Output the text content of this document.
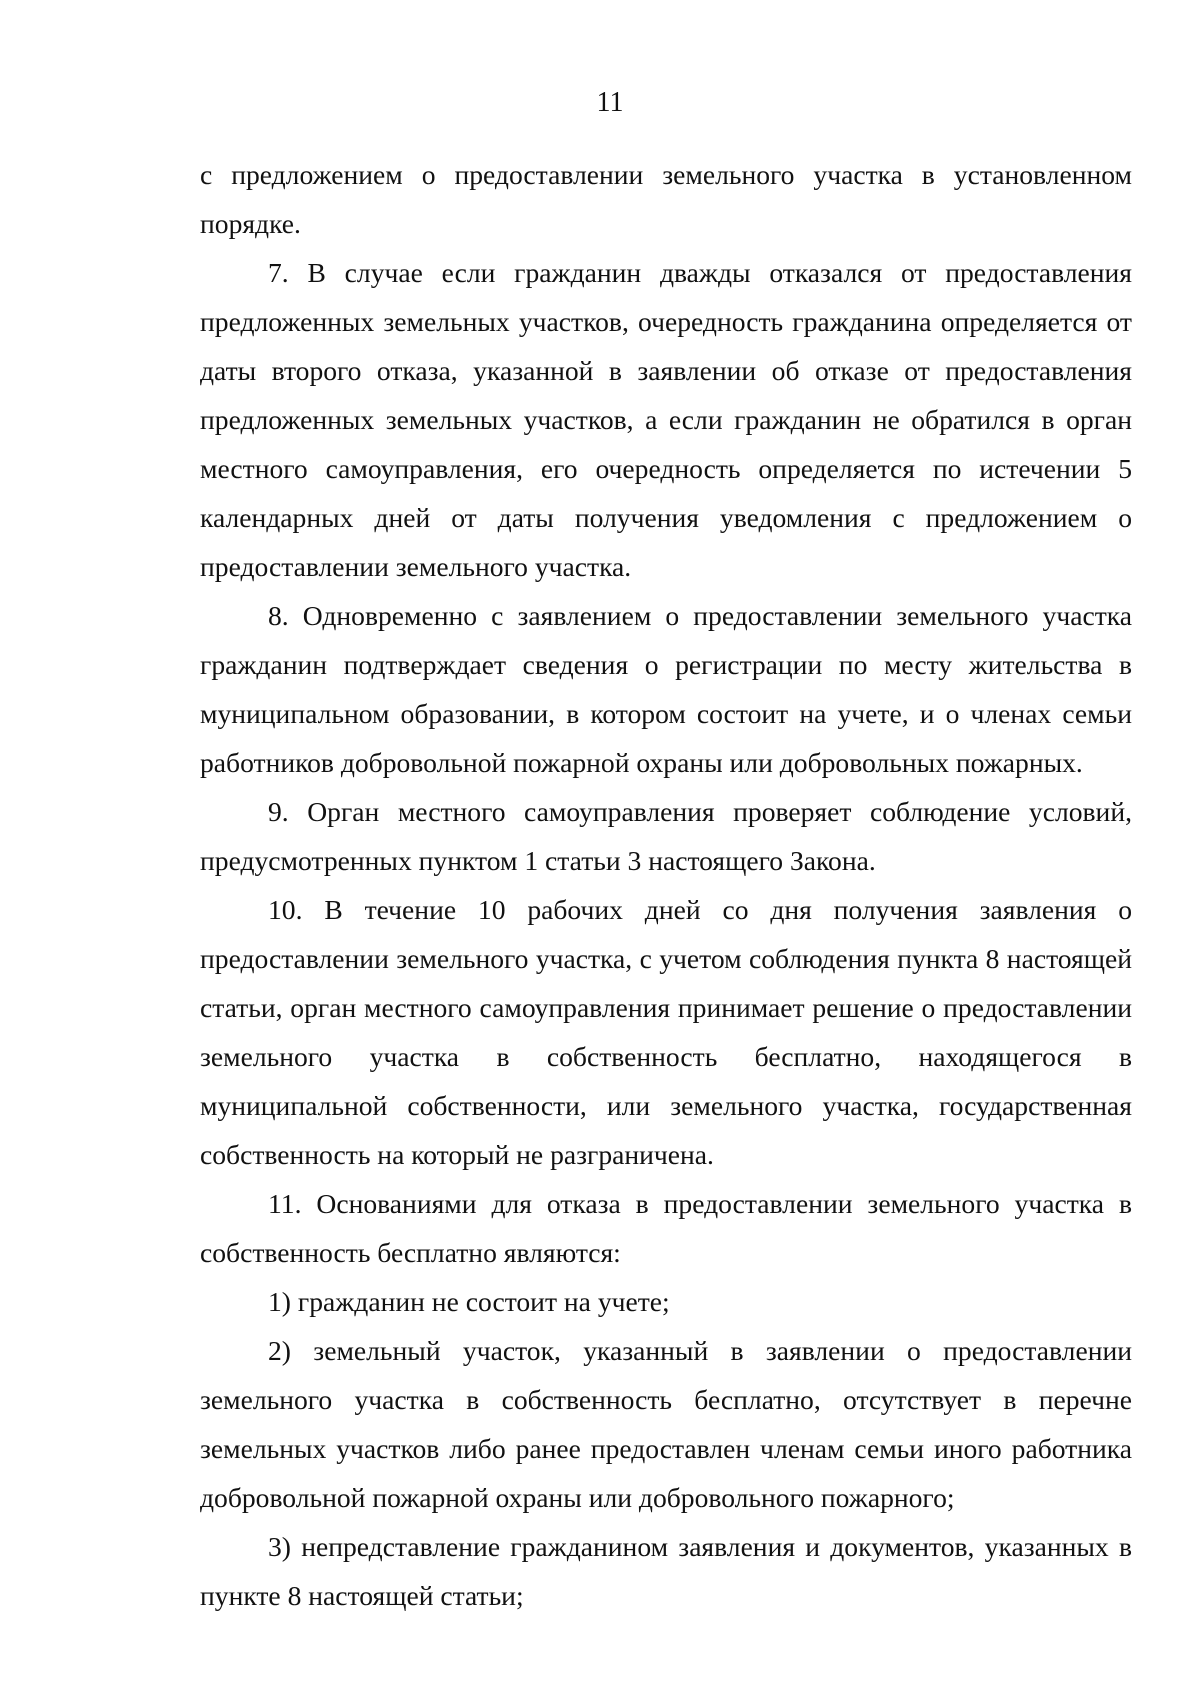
11

с предложением о предоставлении земельного участка в установленном порядке.

7. В случае если гражданин дважды отказался от предоставления предложенных земельных участков, очередность гражданина определяется от даты второго отказа, указанной в заявлении об отказе от предоставления предложенных земельных участков, а если гражданин не обратился в орган местного самоуправления, его очередность определяется по истечении 5 календарных дней от даты получения уведомления с предложением о предоставлении земельного участка.

8. Одновременно с заявлением о предоставлении земельного участка гражданин подтверждает сведения о регистрации по месту жительства в муниципальном образовании, в котором состоит на учете, и о членах семьи работников добровольной пожарной охраны или добровольных пожарных.

9. Орган местного самоуправления проверяет соблюдение условий, предусмотренных пунктом 1 статьи 3 настоящего Закона.

10. В течение 10 рабочих дней со дня получения заявления о предоставлении земельного участка, с учетом соблюдения пункта 8 настоящей статьи, орган местного самоуправления принимает решение о предоставлении земельного участка в собственность бесплатно, находящегося в муниципальной собственности, или земельного участка, государственная собственность на который не разграничена.

11. Основаниями для отказа в предоставлении земельного участка в собственность бесплатно являются:

1) гражданин не состоит на учете;

2) земельный участок, указанный в заявлении о предоставлении земельного участка в собственность бесплатно, отсутствует в перечне земельных участков либо ранее предоставлен членам семьи иного работника добровольной пожарной охраны или добровольного пожарного;

3) непредставление гражданином заявления и документов, указанных в пункте 8 настоящей статьи;
